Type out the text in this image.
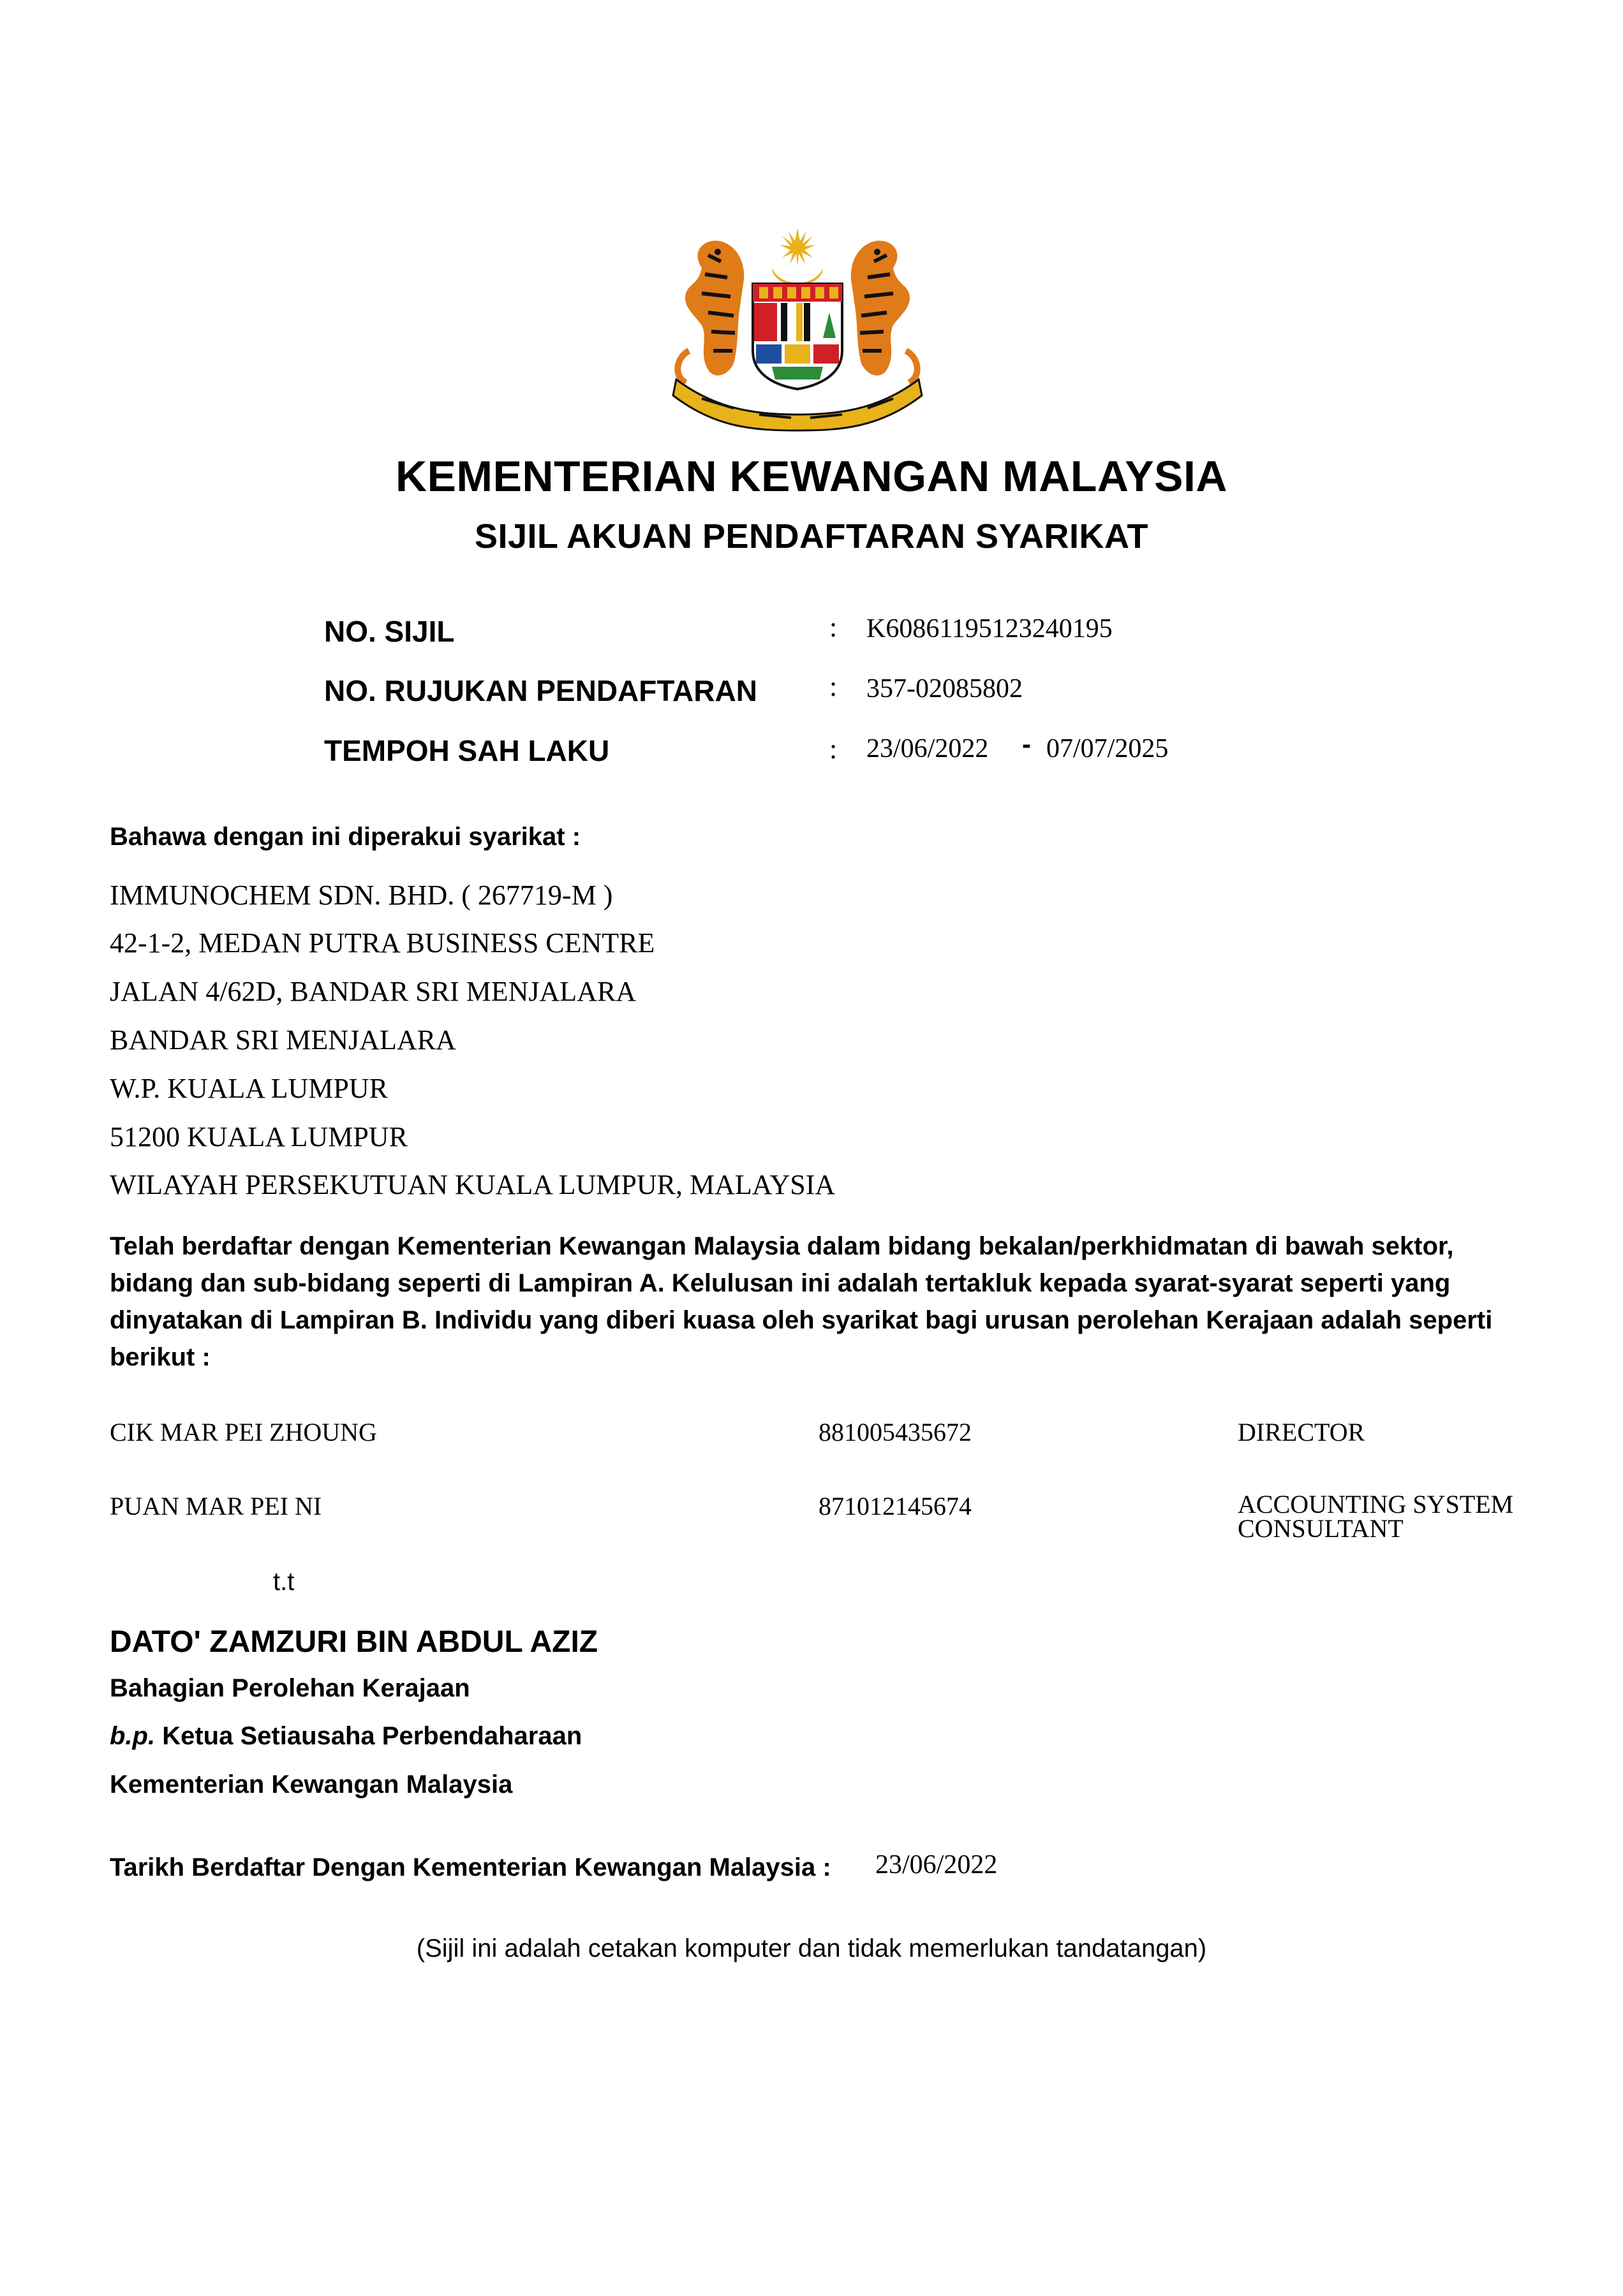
KEMENTERIAN KEWANGAN MALAYSIA
SIJIL AKUAN PENDAFTARAN SYARIKAT
NO. SIJIL	: K60861195123240195
NO. RUJUKAN PENDAFTARAN	: 357-02085802
TEMPOH SAH LAKU	: 23/06/2022 - 07/07/2025
Bahawa dengan ini diperakui syarikat :
IMMUNOCHEM SDN. BHD. ( 267719-M )
42-1-2, MEDAN PUTRA BUSINESS CENTRE
JALAN 4/62D, BANDAR SRI MENJALARA
BANDAR SRI MENJALARA
W.P. KUALA LUMPUR
51200 KUALA LUMPUR
WILAYAH PERSEKUTUAN KUALA LUMPUR, MALAYSIA
Telah berdaftar dengan Kementerian Kewangan Malaysia dalam bidang bekalan/perkhidmatan di bawah sektor, bidang dan sub-bidang seperti di Lampiran A. Kelulusan ini adalah tertakluk kepada syarat-syarat seperti yang dinyatakan di Lampiran B. Individu yang diberi kuasa oleh syarikat bagi urusan perolehan Kerajaan adalah seperti berikut :
CIK MAR PEI ZHOUNG	881005435672	DIRECTOR
PUAN MAR PEI NI	871012145674	ACCOUNTING SYSTEM CONSULTANT
t.t
DATO' ZAMZURI BIN ABDUL AZIZ
Bahagian Perolehan Kerajaan
b.p. Ketua Setiausaha Perbendaharaan
Kementerian Kewangan Malaysia
Tarikh Berdaftar Dengan Kementerian Kewangan Malaysia : 23/06/2022
(Sijil ini adalah cetakan komputer dan tidak memerlukan tandatangan)
